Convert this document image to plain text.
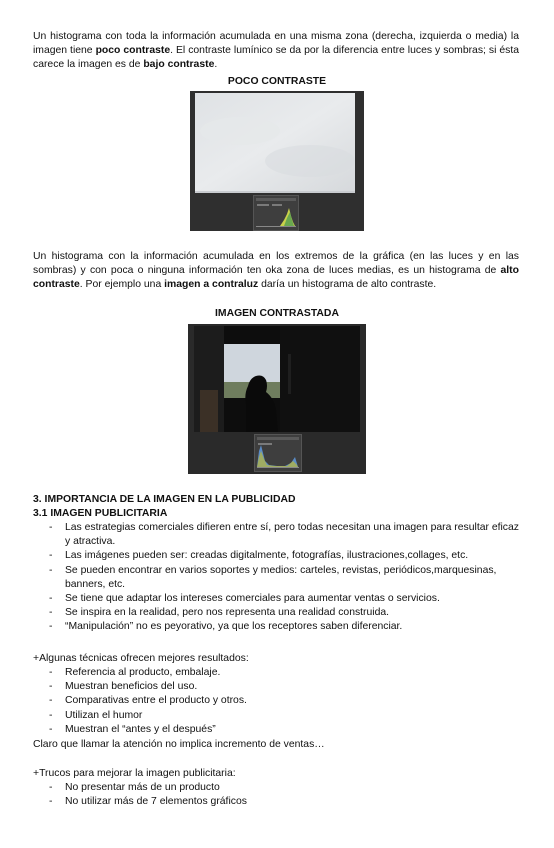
Un histograma con toda la información acumulada en una misma zona (derecha, izquierda o media) la imagen tiene poco contraste. El contraste lumínico se da por la diferencia entre luces y sombras; si ésta carece la imagen es de bajo contraste.

POCO CONTRASTE

Un histograma con la información acumulada en los extremos de la gráfica (en las luces y en las sombras) y con poca o ninguna información ten oka zona de luces medias, es un histograma de alto contraste. Por ejemplo una imagen a contraluz daría un histograma de alto contraste.

IMAGEN CONTRASTADA
3. IMPORTANCIA DE LA IMAGEN EN LA PUBLICIDAD
3.1 IMAGEN PUBLICITARIA
- Las estrategias comerciales difieren entre sí, pero todas necesitan una imagen para resultar eficaz y atractiva.
- Las imágenes pueden ser: creadas digitalmente, fotografías, ilustraciones,collages, etc.
- Se pueden encontrar en varios soportes y medios: carteles, revistas, periódicos,marquesinas, banners, etc.
- Se tiene que adaptar los intereses comerciales para aumentar ventas o servicios.
- Se inspira en la realidad, pero nos representa una realidad construida.
- “Manipulación” no es peyorativo, ya que los receptores saben diferenciar.
+Algunas técnicas ofrecen mejores resultados:
- Referencia al producto, embalaje.
- Muestran beneficios del uso.
- Comparativas entre el producto y otros.
- Utilizan el humor
- Muestran el “antes y el después”
Claro que llamar la atención no implica incremento de ventas…
+Trucos para mejorar la imagen publicitaria:
- No presentar más de un producto
- No utilizar más de 7 elementos gráficos
